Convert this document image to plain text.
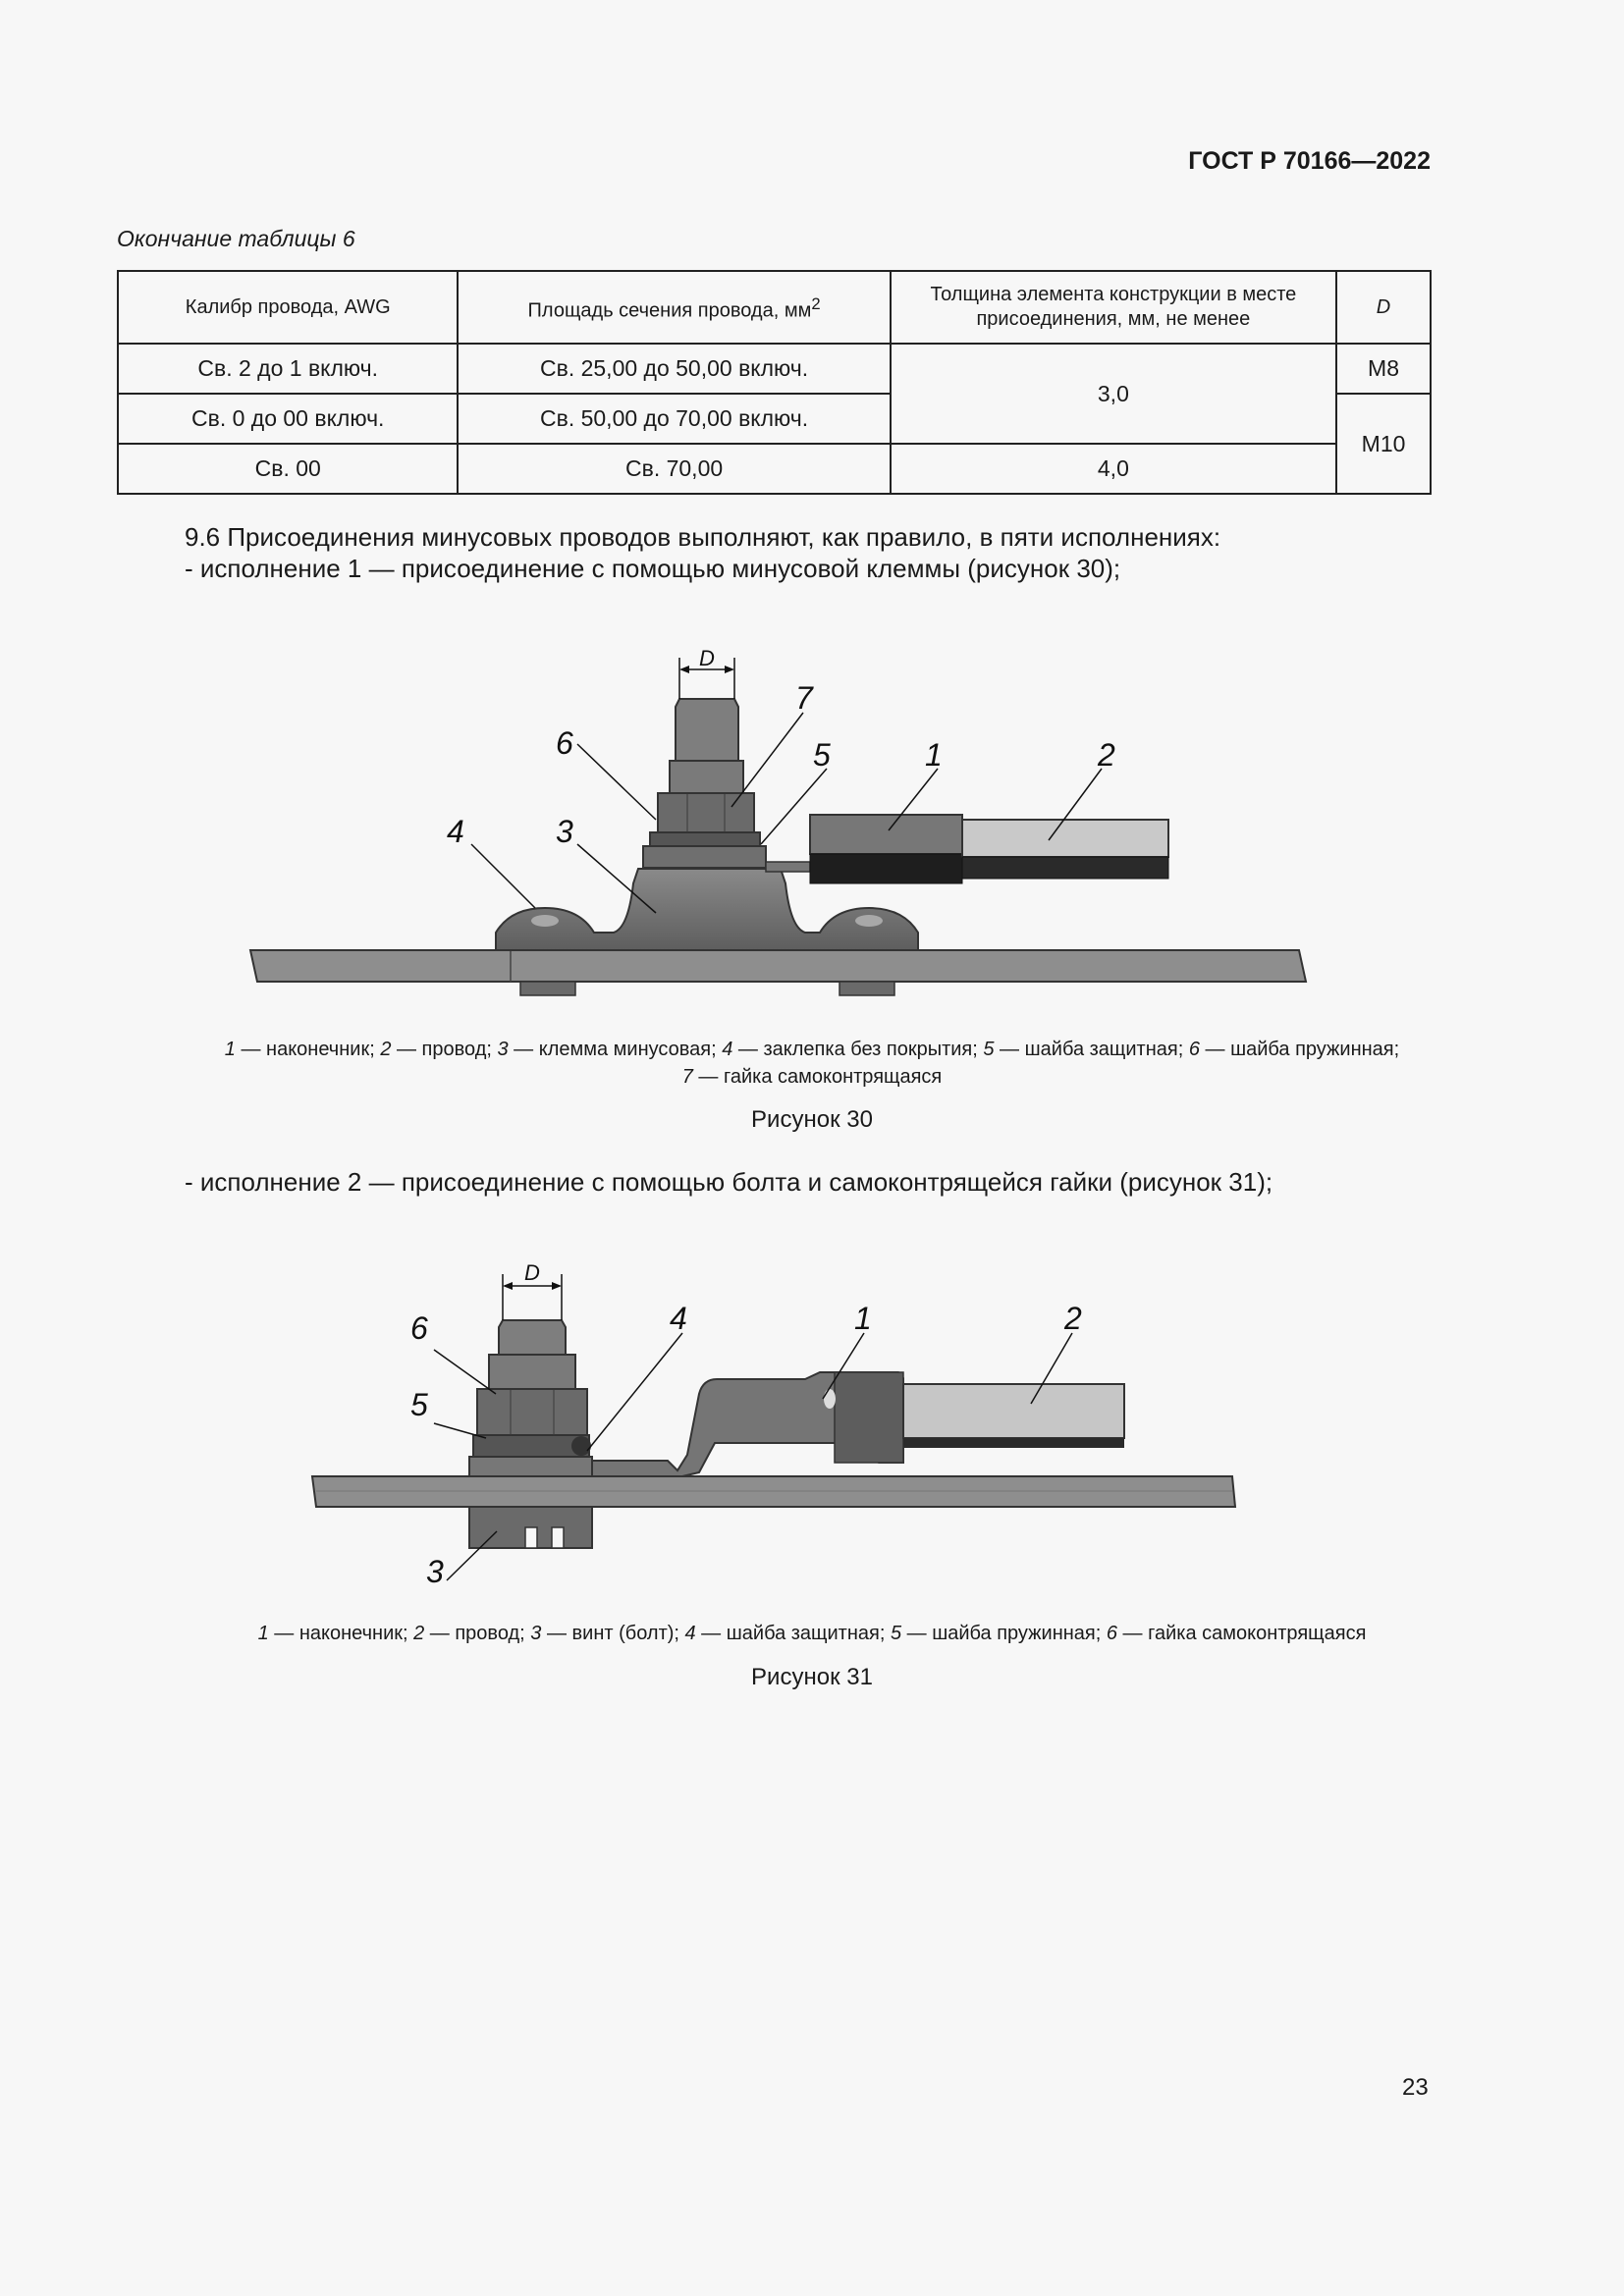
ГОСТ Р 70166—2022
Окончание таблицы 6
Калибр провода, AWG	Площадь сечения провода, $мм^2$	Толщина элемента конструкции в месте присоединения, мм, не менее	D
Св. 2 до 1 включ.	Св. 25,00 до 50,00 включ.	3,0	М8
Св. 0 до 00 включ.	Св. 50,00 до 70,00 включ.		М10
Св. 00	Св. 70,00	4,0	
9.6 Присоединения минусовых проводов выполняют, как правило, в пяти исполнениях:
- исполнение 1 — присоединение с помощью минусовой клеммы (рисунок 30);
D
7
5	1	2
6
3
4
1 — наконечник; 2 — провод; 3 — клемма минусовая; 4 — заклепка без покрытия; 5 — шайба защитная; 6 — шайба пружинная;
7 — гайка самоконтрящаяся
Рисунок 30
- исполнение 2 — присоединение с помощью болта и самоконтрящейся гайки (рисунок 31);
D
4	1	2
6
5
3
1 — наконечник; 2 — провод; 3 — винт (болт); 4 — шайба защитная; 5 — шайба пружинная; 6 — гайка самоконтрящаяся
Рисунок 31
23
